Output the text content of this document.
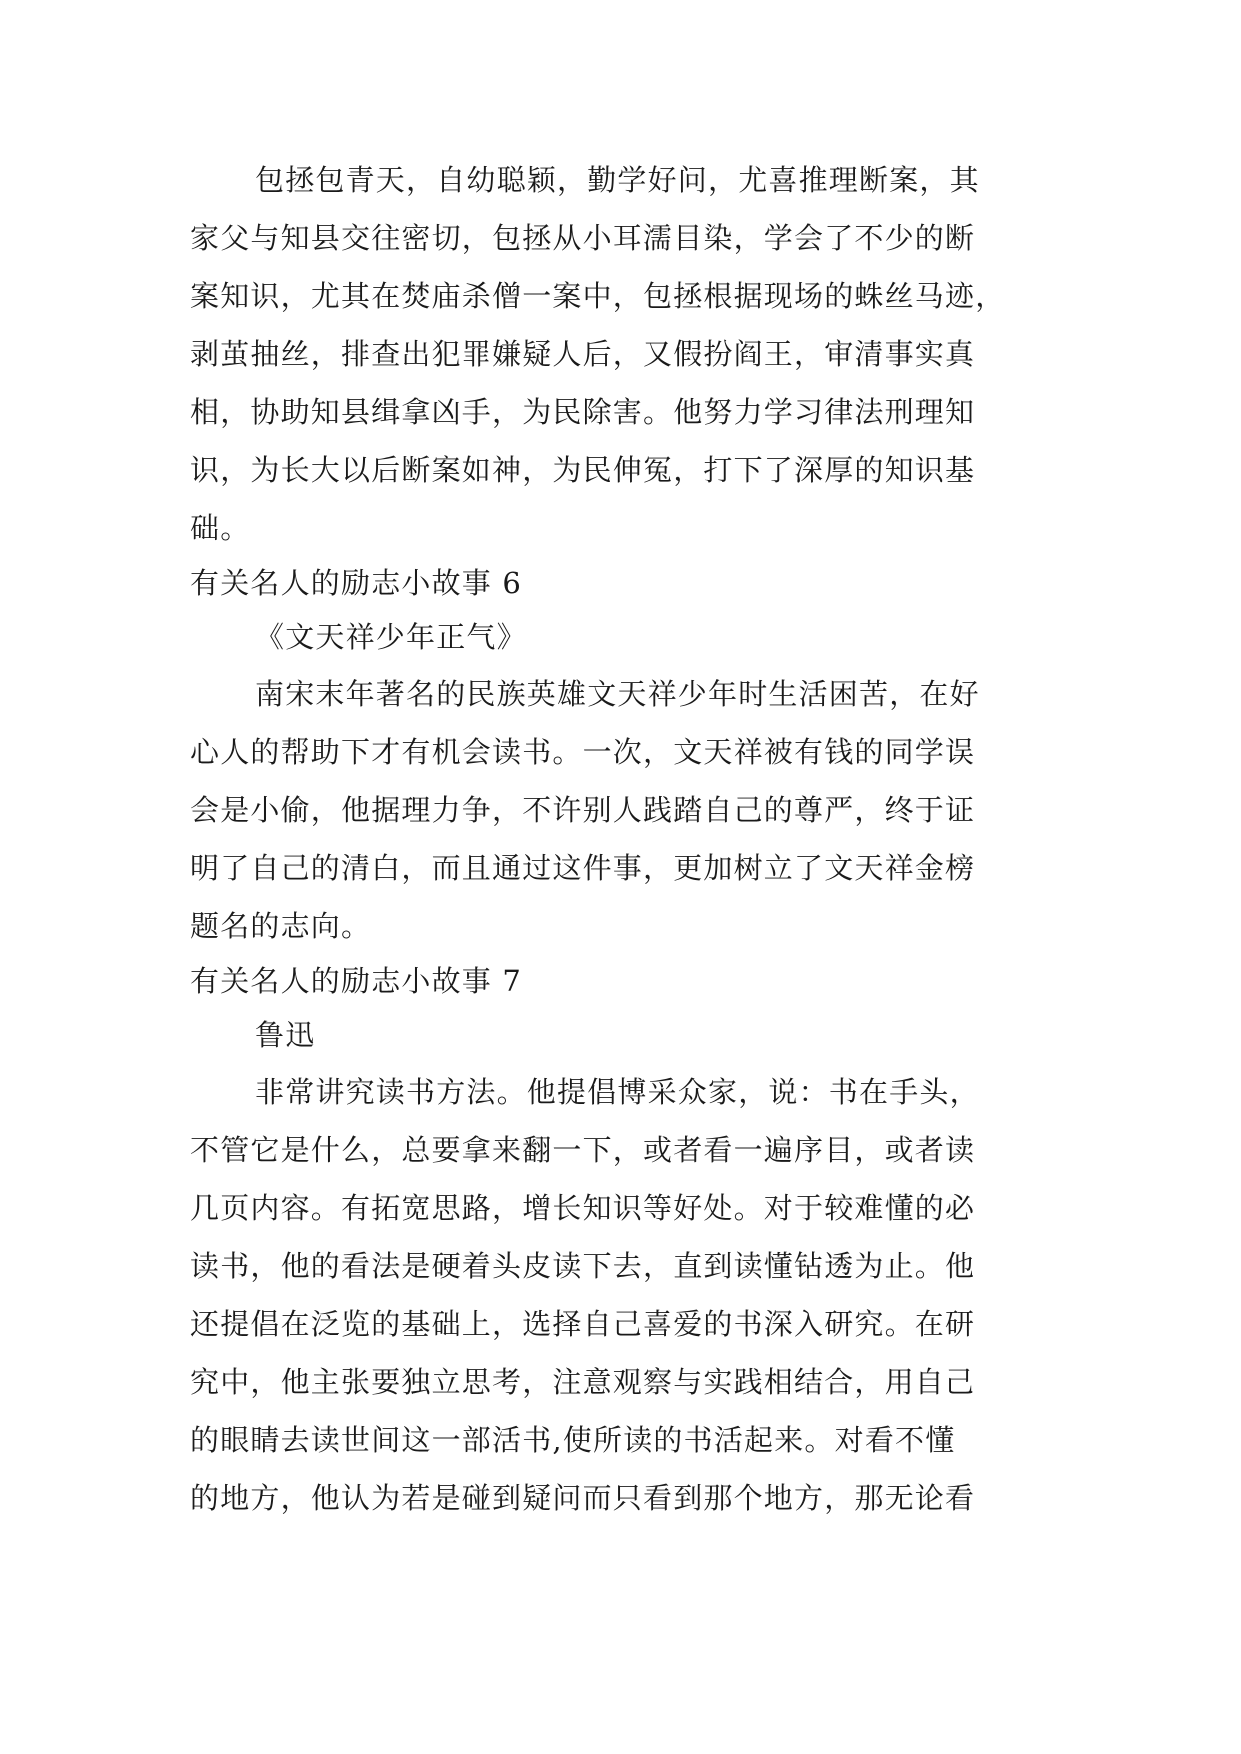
包拯包青天，自幼聪颖，勤学好问，尤喜推理断案，其
家父与知县交往密切，包拯从小耳濡目染，学会了不少的断
案知识，尤其在焚庙杀僧一案中，包拯根据现场的蛛丝马迹，
剥茧抽丝，排查出犯罪嫌疑人后，又假扮阎王，审清事实真
相，协助知县缉拿凶手，为民除害。他努力学习律法刑理知
识，为长大以后断案如神，为民伸冤，打下了深厚的知识基
础。
有关名人的励志小故事 6
《文天祥少年正气》
南宋末年著名的民族英雄文天祥少年时生活困苦，在好
心人的帮助下才有机会读书。一次，文天祥被有钱的同学误
会是小偷，他据理力争，不许别人践踏自己的尊严，终于证
明了自己的清白，而且通过这件事，更加树立了文天祥金榜
题名的志向。
有关名人的励志小故事 7
鲁迅
非常讲究读书方法。他提倡博采众家，说：书在手头，
不管它是什么，总要拿来翻一下，或者看一遍序目，或者读
几页内容。有拓宽思路，增长知识等好处。对于较难懂的必
读书，他的看法是硬着头皮读下去，直到读懂钻透为止。他
还提倡在泛览的基础上，选择自己喜爱的书深入研究。在研
究中，他主张要独立思考，注意观察与实践相结合，用自己
的眼睛去读世间这一部活书,使所读的书活起来。对看不懂
的地方，他认为若是碰到疑问而只看到那个地方，那无论看
